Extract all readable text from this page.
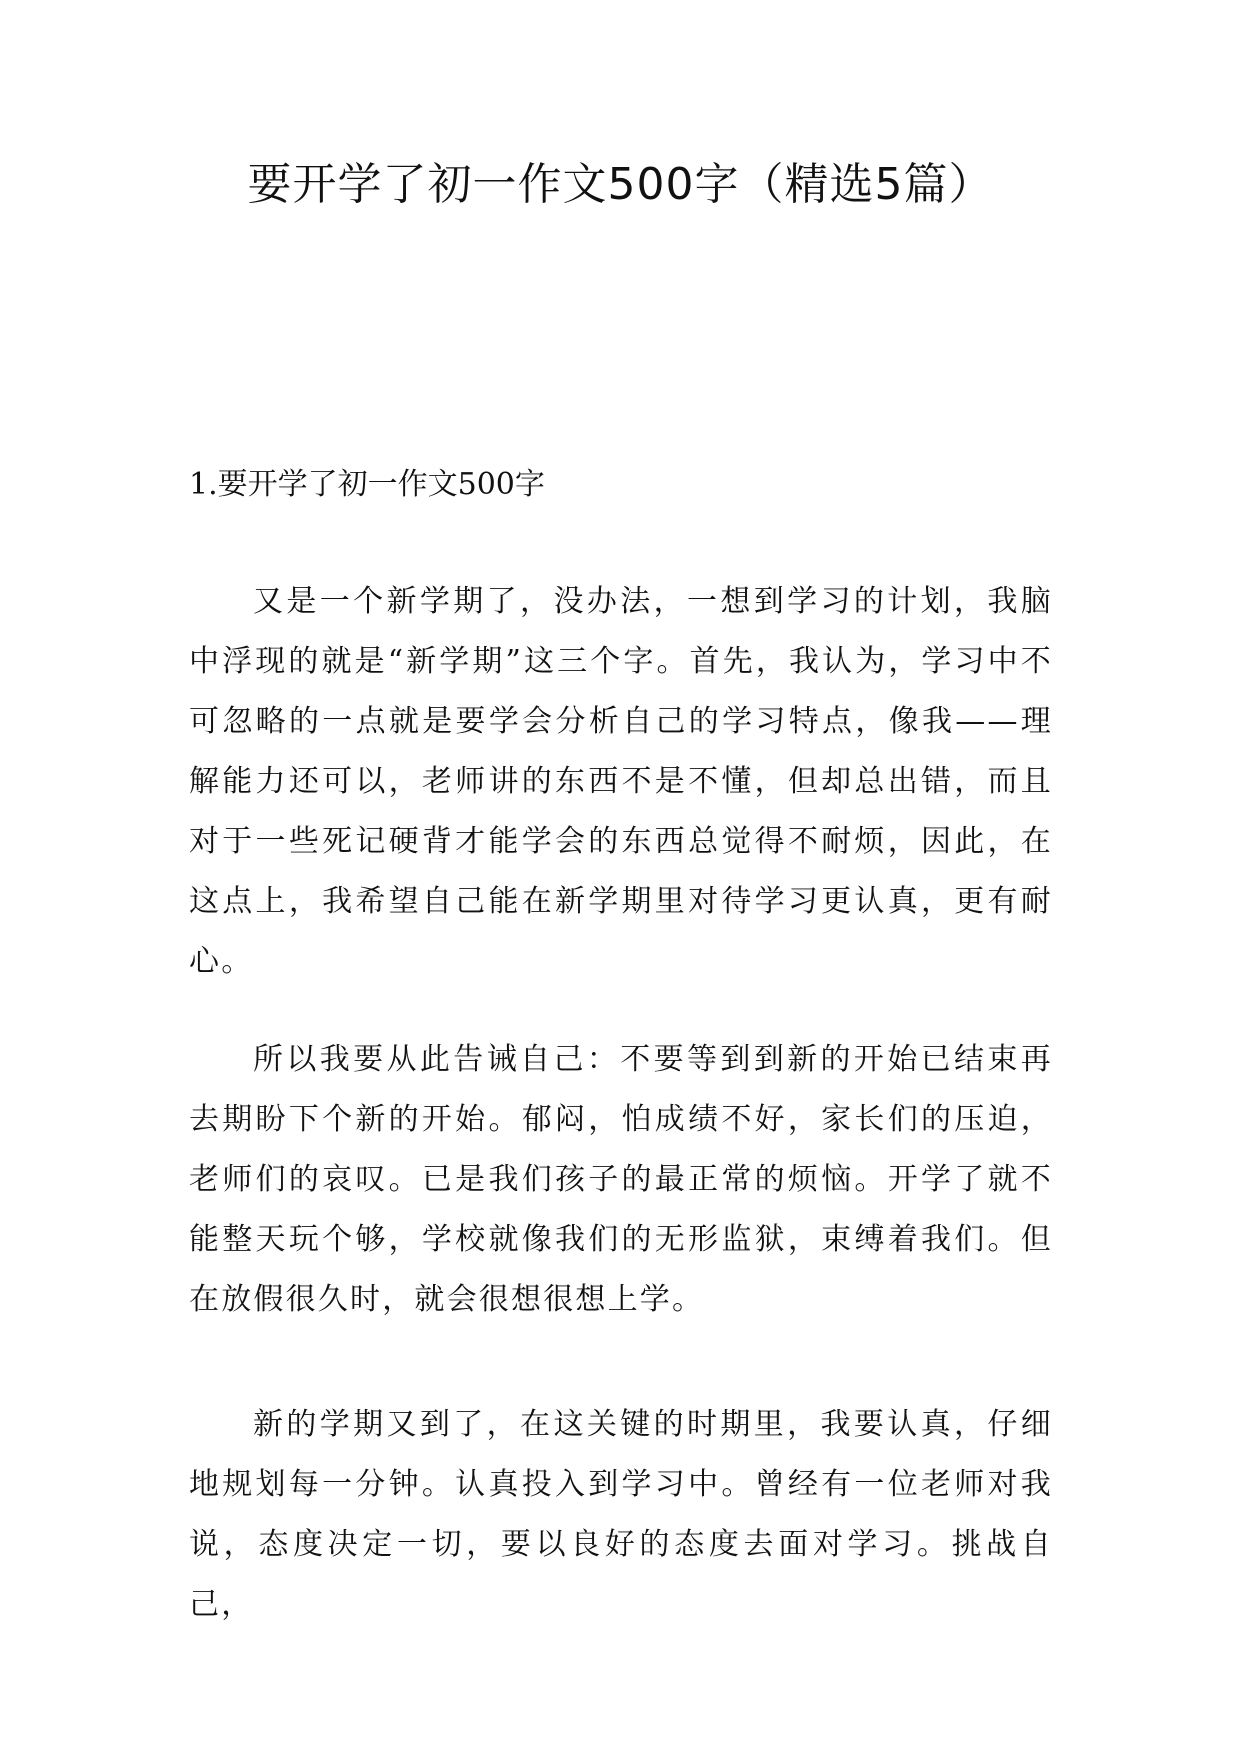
要开学了初一作文500字（精选5篇）
1.要开学了初一作文500字

又是一个新学期了，没办法，一想到学习的计划，我脑中浮现的就是“新学期”这三个字。首先，我认为，学习中不可忽略的一点就是要学会分析自己的学习特点，像我——理解能力还可以，老师讲的东西不是不懂，但却总出错，而且对于一些死记硬背才能学会的东西总觉得不耐烦，因此，在这点上，我希望自己能在新学期里对待学习更认真，更有耐心。

所以我要从此告诫自己：不要等到到新的开始已结束再去期盼下个新的开始。郁闷，怕成绩不好，家长们的压迫，老师们的哀叹。已是我们孩子的最正常的烦恼。开学了就不能整天玩个够，学校就像我们的无形监狱，束缚着我们。但在放假很久时，就会很想很想上学。

新的学期又到了，在这关键的时期里，我要认真，仔细地规划每一分钟。认真投入到学习中。曾经有一位老师对我说，态度决定一切，要以良好的态度去面对学习。挑战自己，
